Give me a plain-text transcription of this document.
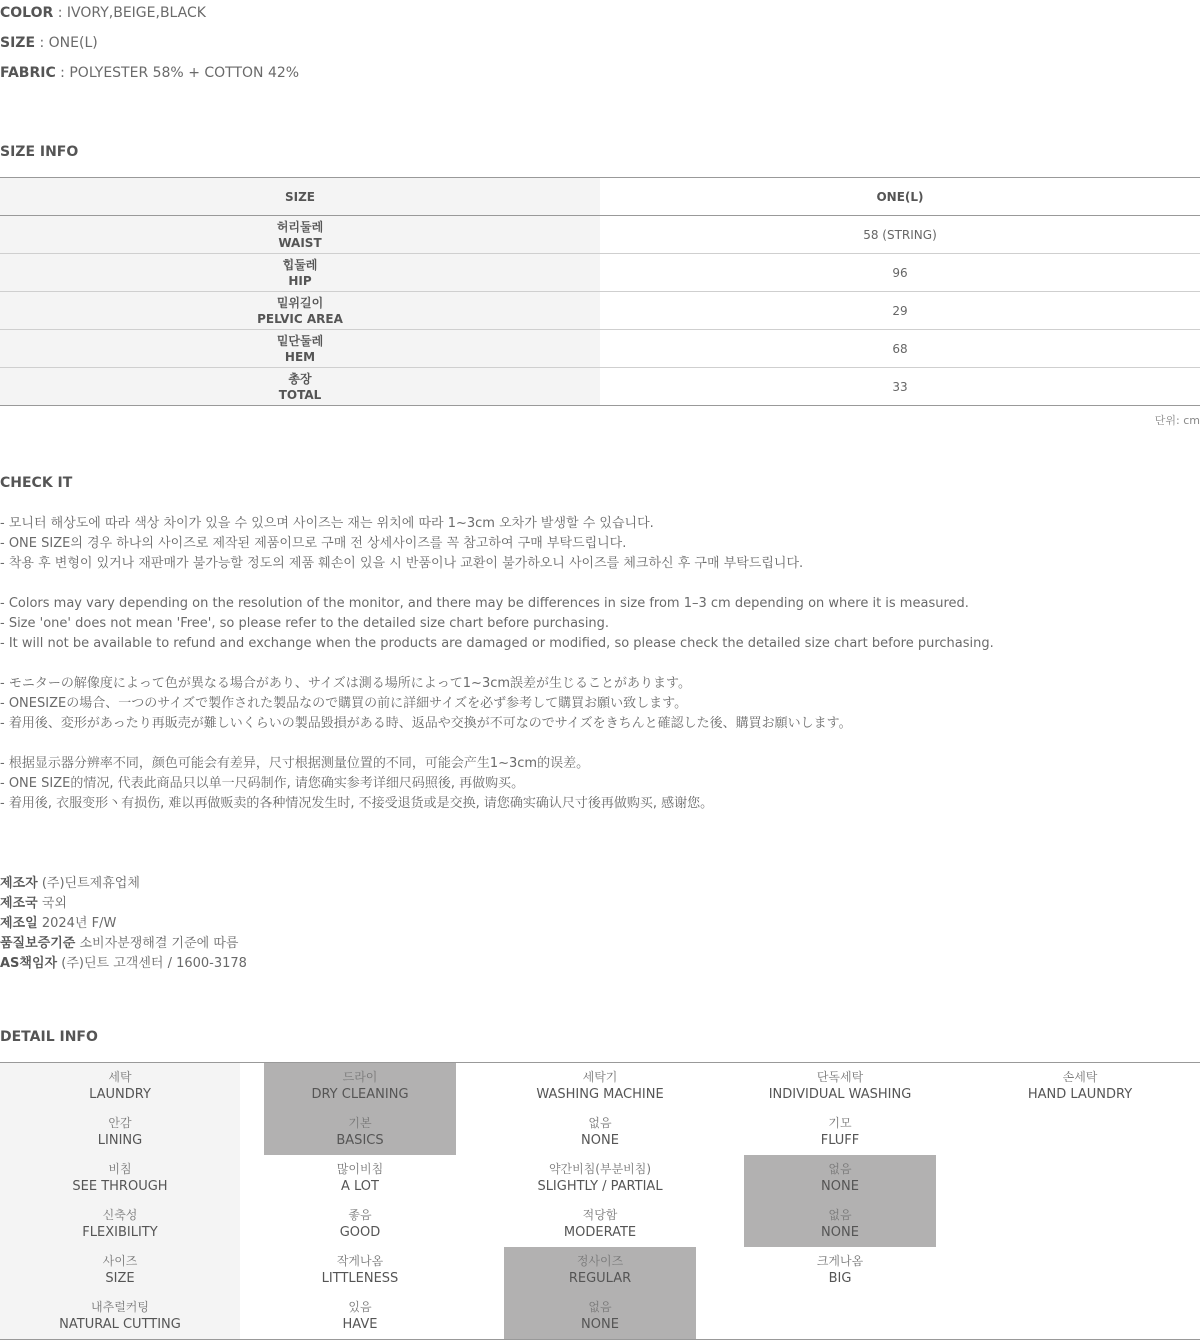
COLOR : IVORY,BEIGE,BLACK
SIZE : ONE(L)
FABRIC : POLYESTER 58% + COTTON 42%
SIZE INFO
SIZE	ONE(L)
허리둘레
WAIST
58 (STRING)
힙둘레
HIP
96
밑위길이
PELVIC AREA
29
밑단둘레
HEM
68
총장
TOTAL
33
단위: cm
CHECK IT
- 모니터 해상도에 따라 색상 차이가 있을 수 있으며 사이즈는 재는 위치에 따라 1~3cm 오차가 발생할 수 있습니다.
- ONE SIZE의 경우 하나의 사이즈로 제작된 제품이므로 구매 전 상세사이즈를 꼭 참고하여 구매 부탁드립니다.
- 착용 후 변형이 있거나 재판매가 불가능할 정도의 제품 훼손이 있을 시 반품이나 교환이 불가하오니 사이즈를 체크하신 후 구매 부탁드립니다.
- Colors may vary depending on the resolution of the monitor, and there may be differences in size from 1–3 cm depending on where it is measured.
- Size 'one' does not mean 'Free', so please refer to the detailed size chart before purchasing.
- It will not be available to refund and exchange when the products are damaged or modified, so please check the detailed size chart before purchasing.
- モニターの解像度によって色が異なる場合があり、サイズは測る場所によって1~3cm誤差が生じることがあります。
- ONESIZEの場合、一つのサイズで製作された製品なので購買の前に詳細サイズを必ず参考して購買お願い致します。
- 着用後、変形があったり再販売が難しいくらいの製品毀損がある時、返品や交換が不可なのでサイズをきちんと確認した後、購買お願いします。
- 根据显示器分辨率不同，颜色可能会有差异，尺寸根据测量位置的不同，可能会产生1~3cm的误差。
- ONE SIZE的情况, 代表此商品只以单一尺码制作, 请您确实参考详细尺码照後, 再做购买。
- 着用後, 衣服变形丶有损伤, 难以再做贩卖的各种情况发生时, 不接受退货或是交换, 请您确实确认尺寸後再做购买, 感谢您。
제조자 (주)딘트제휴업체
제조국 국외
제조일 2024년 F/W
품질보증기준 소비자분쟁해결 기준에 따름
AS책임자 (주)딘트 고객센터 / 1600-3178
DETAIL INFO
세탁
LAUNDRY
드라이
DRY CLEANING
세탁기
WASHING MACHINE
단독세탁
INDIVIDUAL WASHING
손세탁
HAND LAUNDRY
안감
LINING
기본
BASICS
없음
NONE
기모
FLUFF
비침
SEE THROUGH
많이비침
A LOT
약간비침(부분비침)
SLIGHTLY / PARTIAL
없음
NONE
신축성
FLEXIBILITY
좋음
GOOD
적당함
MODERATE
없음
NONE
사이즈
SIZE
작게나옴
LITTLENESS
정사이즈
REGULAR
크게나옴
BIG
내추럴커팅
NATURAL CUTTING
있음
HAVE
없음
NONE
